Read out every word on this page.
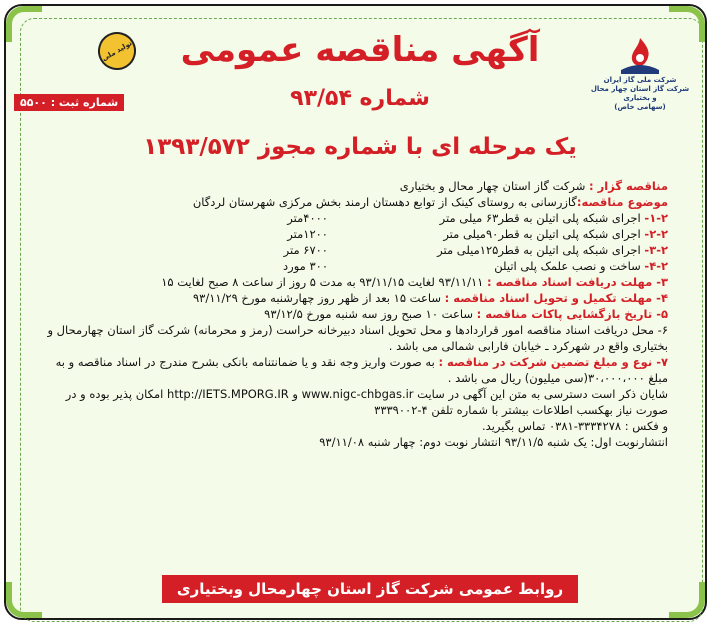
تولید ملی
شرکت ملی گاز ایران
شرکت گاز استان چهار محال و بختیاری
(سهامی خاص)
آگهی مناقصه عمومی
شماره ۹۳/۵۴
یک مرحله ای با شماره مجوز ۱۳۹۳/۵۷۲
شماره ثبت : ۵۵۰۰
مناقصه گزار : شرکت گاز استان چهار محال و بختیاری
موضوع مناقصه:گازرسانی به روستای کینک از توابع دهستان ارمند بخش مرکزی شهرستان لردگان
۱-۲- اجرای شبکه پلی اتیلن به قطر۶۳ میلی متر
۴۰۰۰متر
۲-۲- اجرای شبکه پلی اتیلن به قطر۹۰میلی متر
۱۲۰۰متر
۳-۲- اجرای شبکه پلی اتیلن به قطر۱۲۵میلی متر
۶۷۰۰ متر
۴-۲- ساخت و نصب علمک پلی اتیلن
۳۰۰ مورد
۳- مهلت دریافت اسناد مناقصه : ۹۳/۱۱/۱۱ لغایت ۹۳/۱۱/۱۵ به مدت ۵ روز از ساعت ۸ صبح لغایت ۱۵
۴- مهلت تکمیل و تحویل اسناد مناقصه : ساعت ۱۵ بعد از ظهر روز چهارشنبه مورخ ۹۳/۱۱/۲۹
۵- تاریخ بازگشایی پاکات مناقصه : ساعت ۱۰ صبح روز سه شنبه مورخ ۹۳/۱۲/۵
۶- محل دریافت اسناد مناقصه امور قراردادها و محل تحویل اسناد دبیرخانه حراست (رمز و محرمانه) شرکت گاز استان چهارمحال و بختیاری واقع در شهرکرد ـ خیابان فارابی شمالی می باشد .
۷- نوع و مبلغ تضمین شرکت در مناقصه : به صورت واریز وجه نقد و یا ضمانتنامه بانکی بشرح مندرج در اسناد مناقصه و به مبلغ ۳۰،۰۰۰،۰۰۰(سی میلیون) ریال می باشد .
شایان ذکر است دسترسی به متن این آگهی در سایت www.nigc-chbgas.ir و http://IETS.MPORG.IR امکان پذیر بوده و در صورت نیاز بهکسب اطلاعات بیشتر با شماره تلفن ۴-۳۳۳۹۰۰۲
و فکس : ۳۳۳۴۲۷۸-۰۳۸۱ تماس بگیرید.
انتشارنوبت اول: یک شنبه ۹۳/۱۱/۵ انتشار نوبت دوم: چهار شنبه ۹۳/۱۱/۰۸
روابط عمومی شرکت گاز استان چهارمحال وبختیاری
